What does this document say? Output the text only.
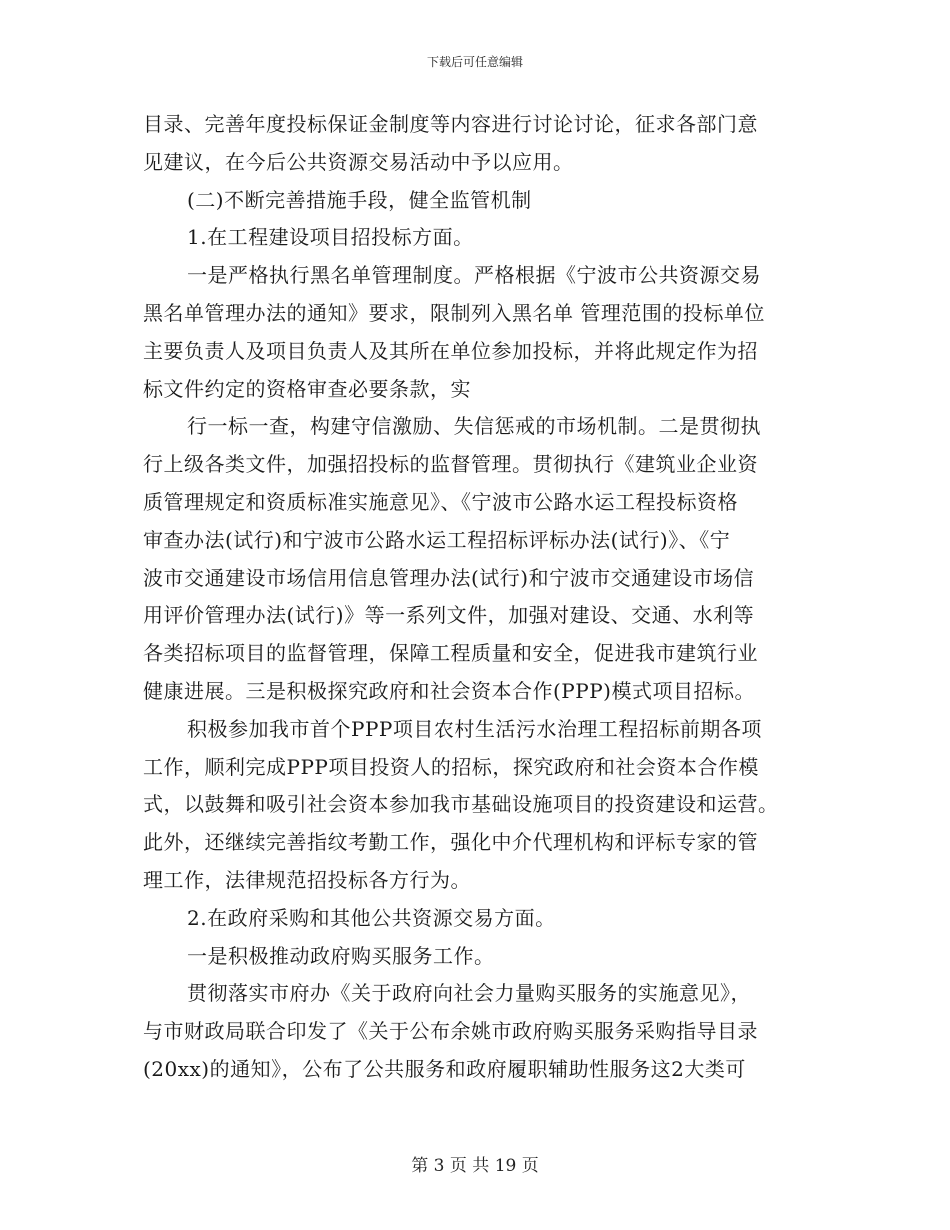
下载后可任意编辑

目录、完善年度投标保证金制度等内容进行讨论讨论，征求各部门意

见建议，在今后公共资源交易活动中予以应用。

(二)不断完善措施手段，健全监管机制

1.在工程建设项目招投标方面。

一是严格执行黑名单管理制度。严格根据《宁波市公共资源交易

黑名单管理办法的通知》要求，限制列入黑名单 管理范围的投标单位

主要负责人及项目负责人及其所在单位参加投标，并将此规定作为招

标文件约定的资格审查必要条款，实

行一标一查，构建守信激励、失信惩戒的市场机制。二是贯彻执

行上级各类文件，加强招投标的监督管理。贯彻执行《建筑业企业资

质管理规定和资质标准实施意见》、《宁波市公路水运工程投标资格

审查办法(试行)和宁波市公路水运工程招标评标办法(试行)》、《宁

波市交通建设市场信用信息管理办法(试行)和宁波市交通建设市场信

用评价管理办法(试行)》等一系列文件，加强对建设、交通、水利等

各类招标项目的监督管理，保障工程质量和安全，促进我市建筑行业

健康进展。三是积极探究政府和社会资本合作(PPP)模式项目招标。

积极参加我市首个PPP项目农村生活污水治理工程招标前期各项

工作，顺利完成PPP项目投资人的招标，探究政府和社会资本合作模

式，以鼓舞和吸引社会资本参加我市基础设施项目的投资建设和运营。

此外，还继续完善指纹考勤工作，强化中介代理机构和评标专家的管

理工作，法律规范招投标各方行为。

2.在政府采购和其他公共资源交易方面。

一是积极推动政府购买服务工作。

贯彻落实市府办《关于政府向社会力量购买服务的实施意见》，

与市财政局联合印发了《关于公布余姚市政府购买服务采购指导目录

(20xx)的通知》，公布了公共服务和政府履职辅助性服务这2大类可

第 3 页 共 19 页
